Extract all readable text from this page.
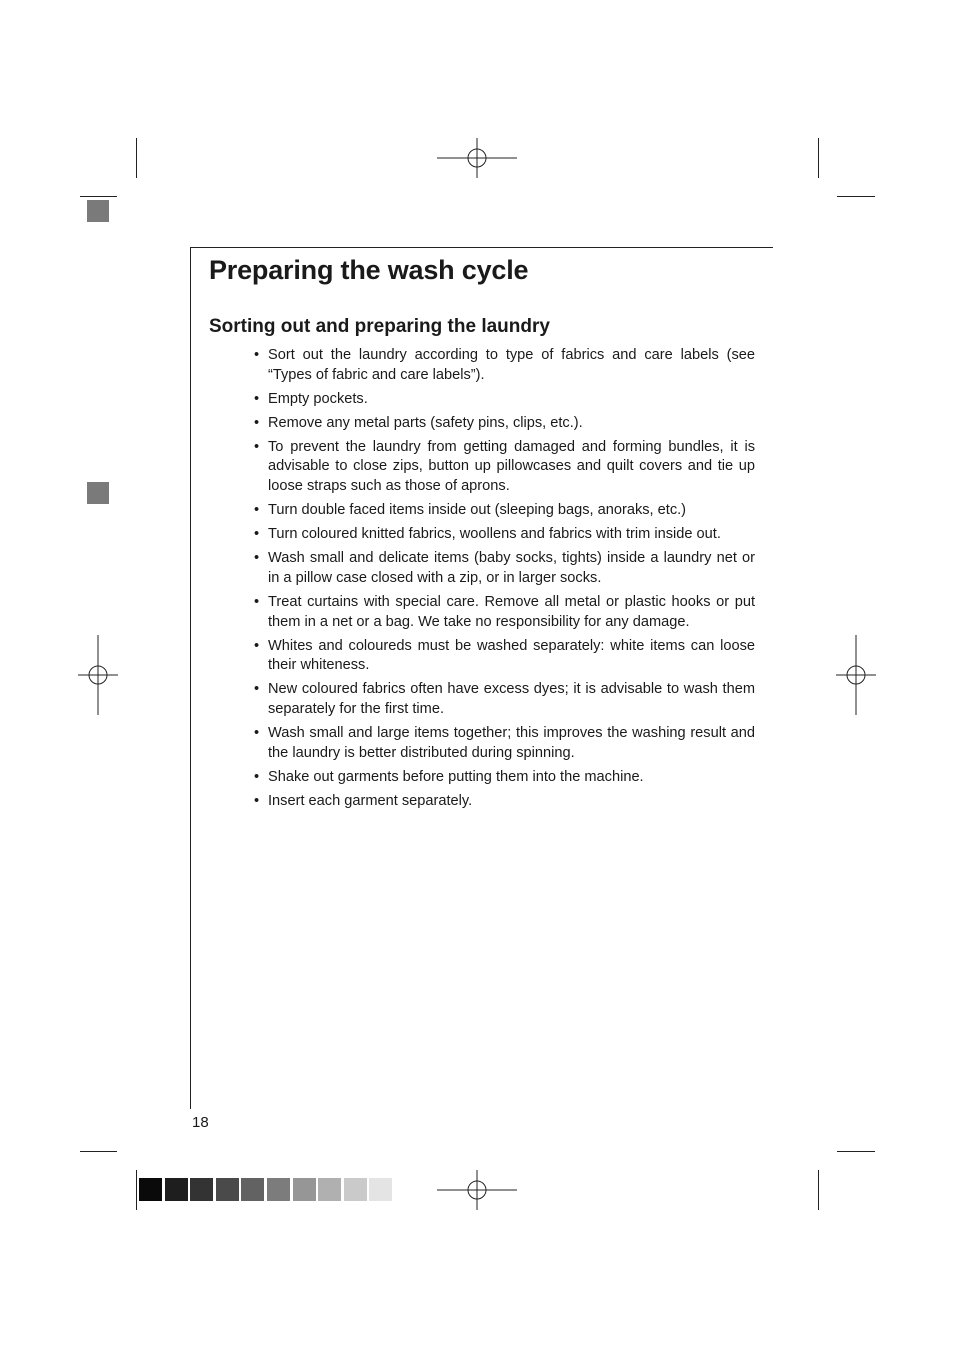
Preparing the wash cycle
Sorting out and preparing the laundry
• Sort out the laundry according to type of fabrics and care labels (see “Types of fabric and care labels”).
• Empty pockets.
• Remove any metal parts (safety pins, clips, etc.).
• To prevent the laundry from getting damaged and forming bundles, it is advisable to close zips, button up pillowcases and quilt covers and tie up loose straps such as those of aprons.
• Turn double faced items inside out (sleeping bags, anoraks, etc.)
• Turn coloured knitted fabrics, woollens and fabrics with trim inside out.
• Wash small and delicate items (baby socks, tights) inside a laundry net or in a pillow case closed with a zip, or in larger socks.
• Treat curtains with special care. Remove all metal or plastic hooks or put them in a net or a bag. We take no responsibility for any damage.
• Whites and coloureds must be washed separately: white items can loose their whiteness.
• New coloured fabrics often have excess dyes; it is advisable to wash them separately for the first time.
• Wash small and large items together; this improves the washing result and the laundry is better distributed during spinning.
• Shake out garments before putting them into the machine.
• Insert each garment separately.
18
